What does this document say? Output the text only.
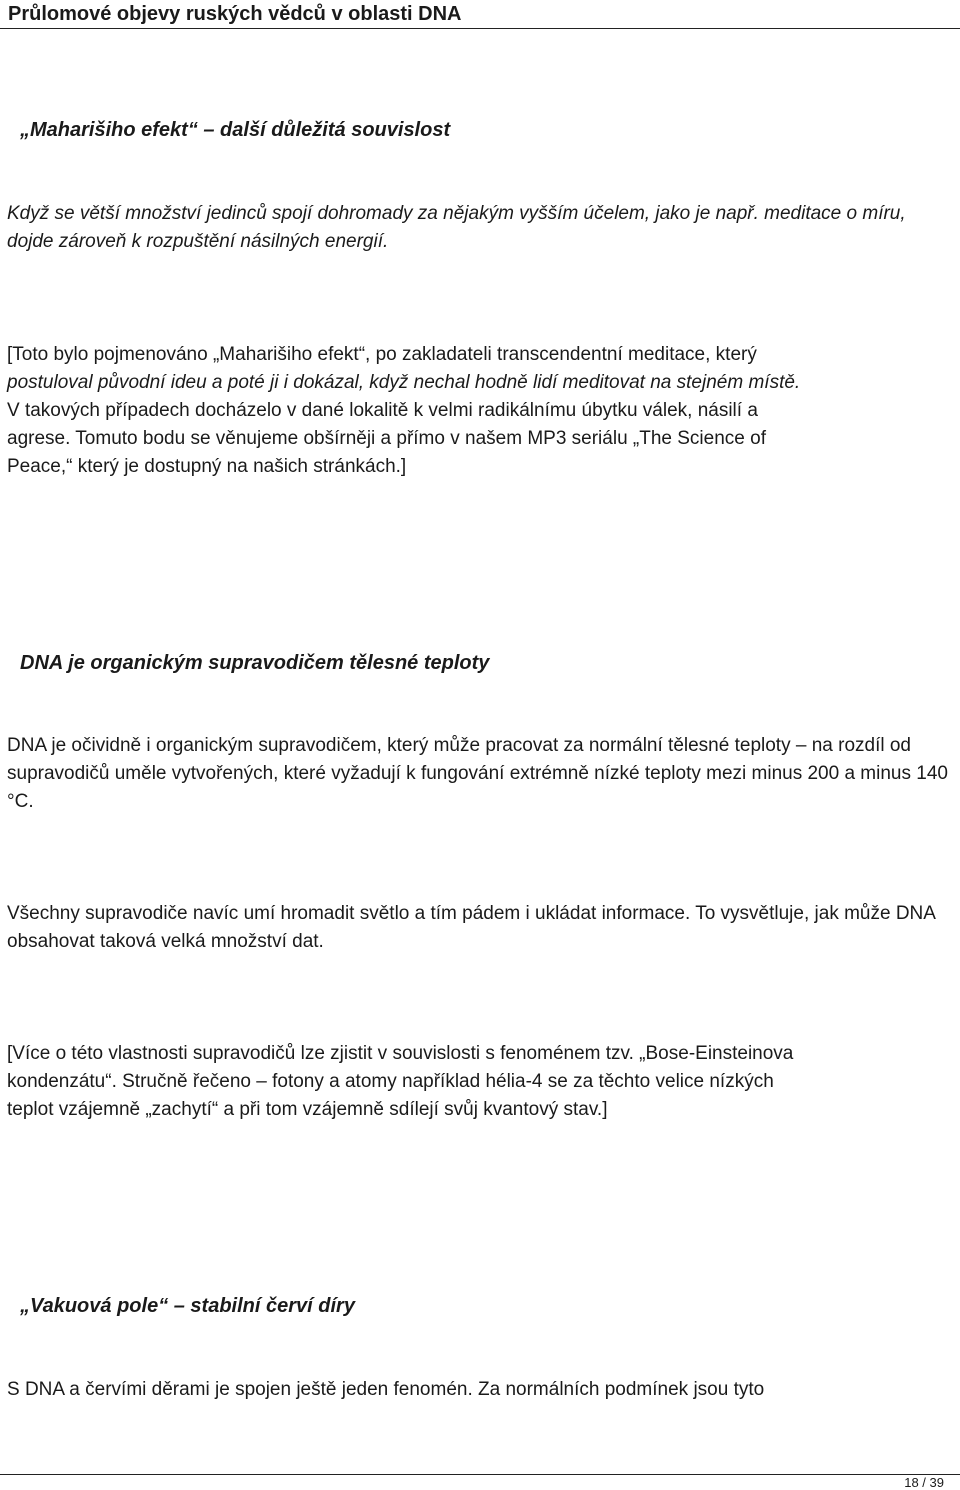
Průlomové objevy ruských vědců v oblasti DNA
„Maharišiho efekt“ – další důležitá souvislost

Když se větší množství jedinců spojí dohromady za nějakým vyšším účelem, jako je např. meditace o míru, dojde zároveň k rozpuštění násilných energií.

[Toto bylo pojmenováno „Maharišiho efekt“, po zakladateli transcendentní meditace, který
postuloval původní ideu a poté ji i dokázal, když nechal hodně lidí meditovat na stejném místě.
V takových případech docházelo v dané lokalitě k velmi radikálnímu úbytku válek, násilí a
agrese. Tomuto bodu se věnujeme obšírněji a přímo v našem MP3 seriálu „The Science of
Peace,“ který je dostupný na našich stránkách.]

DNA je organickým supravodičem tělesné teploty

DNA je očividně i organickým supravodičem, který může pracovat za normální tělesné teploty – na rozdíl od supravodičů uměle vytvořených, které vyžadují k fungování extrémně nízké teploty mezi minus 200 a minus 140 °C.

Všechny supravodiče navíc umí hromadit světlo a tím pádem i ukládat informace. To vysvětluje, jak může DNA obsahovat taková velká množství dat.

[Více o této vlastnosti supravodičů lze zjistit v souvislosti s fenoménem tzv. „Bose-Einsteinova
kondenzátu“. Stručně řečeno – fotony a atomy například hélia-4 se za těchto velice nízkých
teplot vzájemně „zachytí“ a při tom vzájemně sdílejí svůj kvantový stav.]

„Vakuová pole“ – stabilní červí díry

S DNA a červími děrami je spojen ještě jeden fenomén. Za normálních podmínek jsou tyto

18 / 39
